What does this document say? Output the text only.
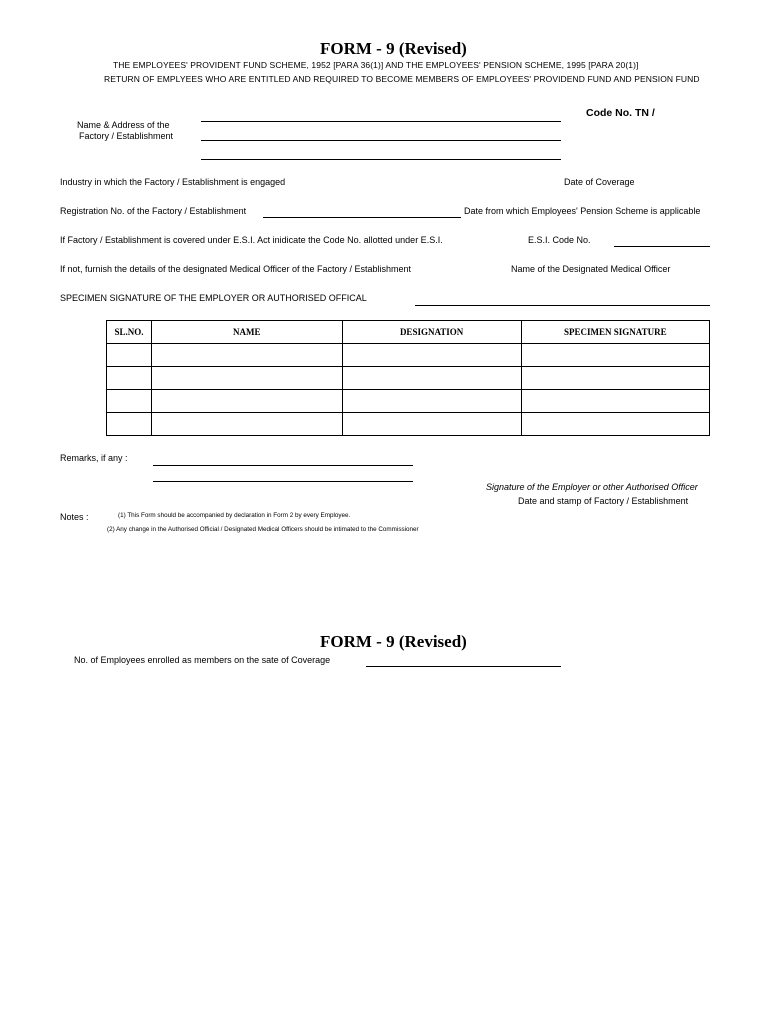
FORM - 9 (Revised)
THE EMPLOYEES' PROVIDENT FUND SCHEME, 1952 [PARA 36(1)] AND THE EMPLOYEES' PENSION SCHEME, 1995 [PARA 20(1)]
RETURN OF EMPLYEES WHO ARE ENTITLED AND REQUIRED TO BECOME MEMBERS OF EMPLOYEES' PROVIDEND FUND AND PENSION FUND
Code No. TN /
Name & Address of the
Factory / Establishment
Industry in which the Factory / Establishment is engaged	Date of Coverage
Registration No. of the Factory / Establishment	Date from which Employees' Pension Scheme is applicable
If Factory / Establishment is covered under E.S.I. Act inidicate the Code No. allotted under E.S.I.	E.S.I. Code No.
If not, furnish the details of the designated Medical Officer of the Factory / Establishment	Name of the Designated Medical Officer
SPECIMEN SIGNATURE OF THE EMPLOYER OR AUTHORISED OFFICAL
SL.NO.	NAME	DESIGNATION	SPECIMEN SIGNATURE

Remarks, if any :
Signature of the Employer or other Authorised Officer
Date and stamp of Factory / Establishment
Notes :	(1) This Form should be accompanied by declaration in Form 2 by every Employee.
(2) Any change in the Authorised Official / Designated Medical Officers should be intimated to the Commissioner
FORM - 9 (Revised)
No. of Employees enrolled as members on the sate of Coverage
